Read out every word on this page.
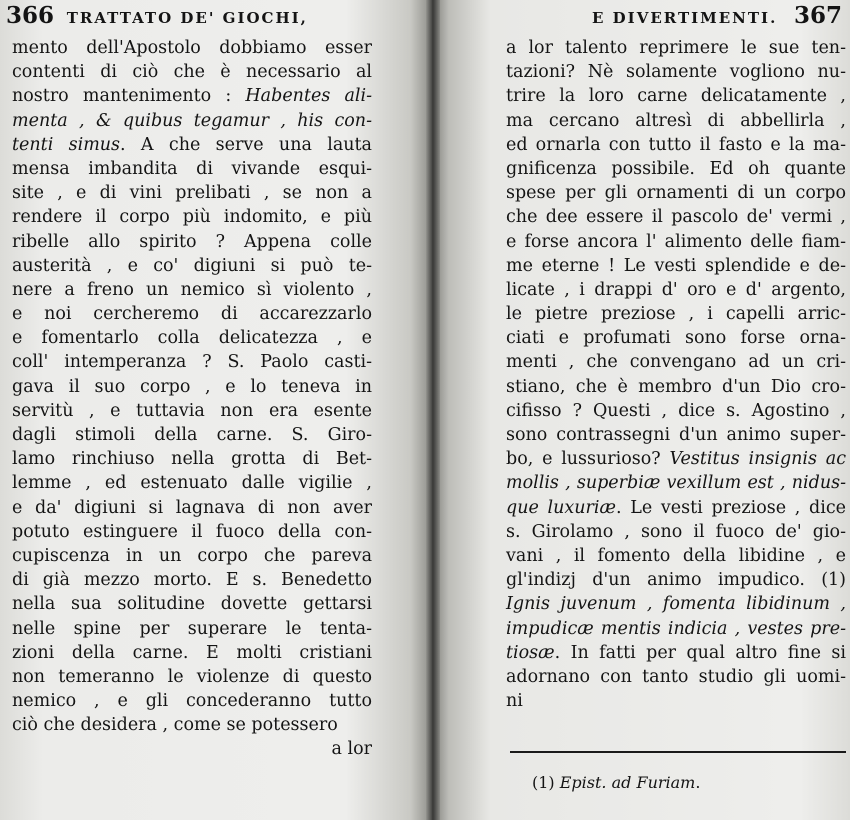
366 TRATTATO DE' GIOCHI,
mento dell'Apostolo dobbiamo esser
contenti di ciò che è necessario al
nostro mantenimento : Habentes ali-
menta , & quibus tegamur , his con-
tenti simus. A che serve una lauta
mensa imbandita di vivande esqui-
site , e di vini prelibati , se non a
rendere il corpo più indomito, e più
ribelle allo spirito ? Appena colle
austerità , e co' digiuni si può te-
nere a freno un nemico sì violento ,
e noi cercheremo di accarezzarlo
e fomentarlo colla delicatezza , e
coll' intemperanza ? S. Paolo casti-
gava il suo corpo , e lo teneva in
servitù , e tuttavia non era esente
dagli stimoli della carne. S. Giro-
lamo rinchiuso nella grotta di Bet-
lemme , ed estenuato dalle vigilie ,
e da' digiuni si lagnava di non aver
potuto estinguere il fuoco della con-
cupiscenza in un corpo che pareva
di già mezzo morto. E s. Benedetto
nella sua solitudine dovette gettarsi
nelle spine per superare le tenta-
zioni della carne. E molti cristiani
non temeranno le violenze di questo
nemico , e gli concederanno tutto
ciò che desidera , come se potessero
a lor
E DIVERTIMENTI. 367
a lor talento reprimere le sue ten-
tazioni? Nè solamente vogliono nu-
trire la loro carne delicatamente ,
ma cercano altresì di abbellirla ,
ed ornarla con tutto il fasto e la ma-
gnificenza possibile. Ed oh quante
spese per gli ornamenti di un corpo
che dee essere il pascolo de' vermi ,
e forse ancora l' alimento delle fiam-
me eterne ! Le vesti splendide e de-
licate , i drappi d' oro e d' argento,
le pietre preziose , i capelli arric-
ciati e profumati sono forse orna-
menti , che convengano ad un cri-
stiano, che è membro d'un Dio cro-
cifisso ? Questi , dice s. Agostino ,
sono contrassegni d'un animo super-
bo, e lussurioso? Vestitus insignis ac
mollis , superbiæ vexillum est , nidus-
que luxuriæ. Le vesti preziose , dice
s. Girolamo , sono il fuoco de' gio-
vani , il fomento della libidine , e
gl'indizj d'un animo impudico. (1)
Ignis juvenum , fomenta libidinum ,
impudicæ mentis indicia , vestes pre-
tiosæ. In fatti per qual altro fine si
adornano con tanto studio gli uomi-
ni
(1) Epist. ad Furiam.
